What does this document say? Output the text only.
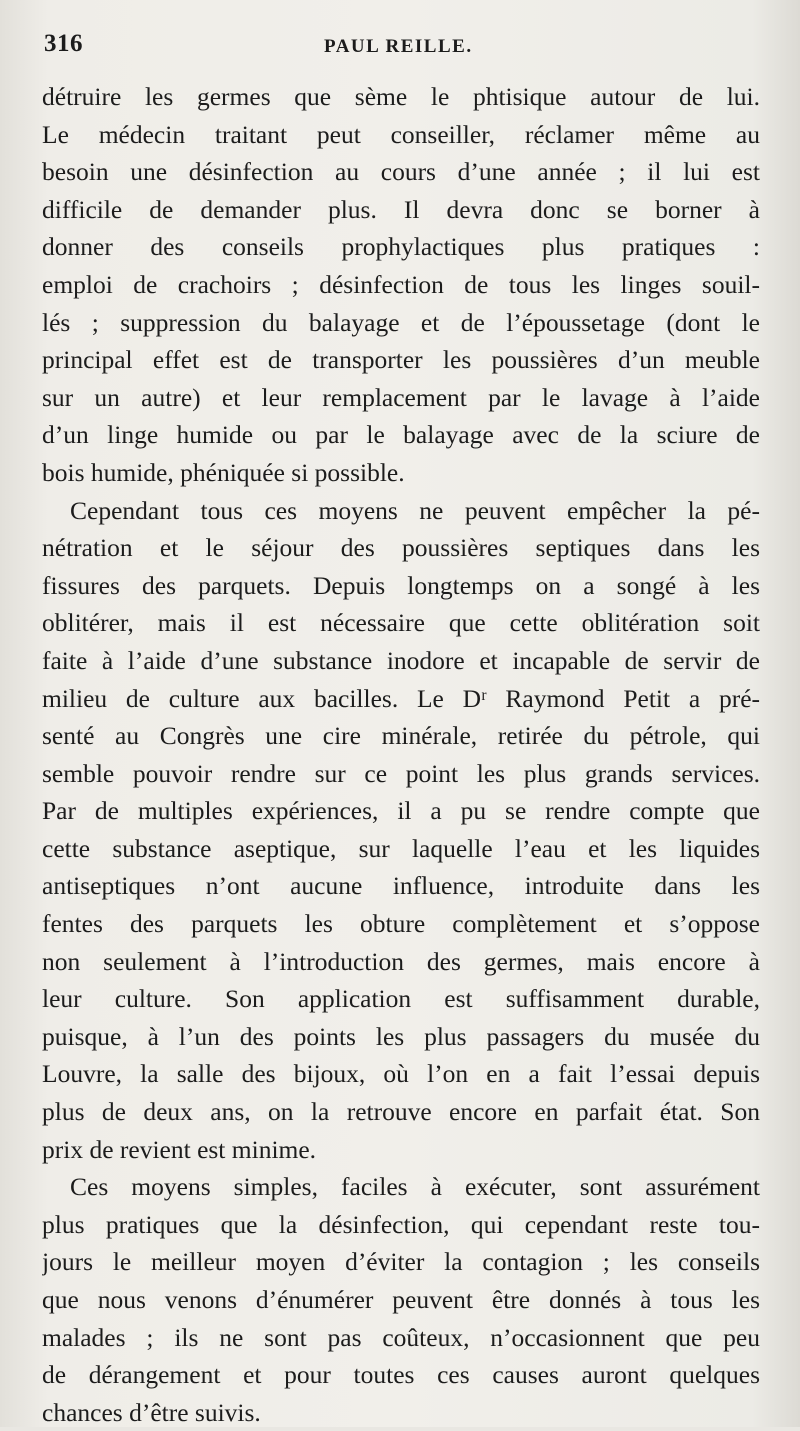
316	PAUL REILLE.
détruire les germes que sème le phtisique autour de lui.
Le médecin traitant peut conseiller, réclamer même au
besoin une désinfection au cours d’une année ; il lui est
difficile de demander plus. Il devra donc se borner à
donner des conseils prophylactiques plus pratiques :
emploi de crachoirs ; désinfection de tous les linges souil-
lés ; suppression du balayage et de l’époussetage (dont le
principal effet est de transporter les poussières d’un meuble
sur un autre) et leur remplacement par le lavage à l’aide
d’un linge humide ou par le balayage avec de la sciure de
bois humide, phéniquée si possible.
Cependant tous ces moyens ne peuvent empêcher la pé-
nétration et le séjour des poussières septiques dans les
fissures des parquets. Depuis longtemps on a songé à les
oblitérer, mais il est nécessaire que cette oblitération soit
faite à l’aide d’une substance inodore et incapable de servir de
milieu de culture aux bacilles. Le Dʳ Raymond Petit a pré-
senté au Congrès une cire minérale, retirée du pétrole, qui
semble pouvoir rendre sur ce point les plus grands services.
Par de multiples expériences, il a pu se rendre compte que
cette substance aseptique, sur laquelle l’eau et les liquides
antiseptiques n’ont aucune influence, introduite dans les
fentes des parquets les obture complètement et s’oppose
non seulement à l’introduction des germes, mais encore à
leur culture. Son application est suffisamment durable,
puisque, à l’un des points les plus passagers du musée du
Louvre, la salle des bijoux, où l’on en a fait l’essai depuis
plus de deux ans, on la retrouve encore en parfait état. Son
prix de revient est minime.
Ces moyens simples, faciles à exécuter, sont assurément
plus pratiques que la désinfection, qui cependant reste tou-
jours le meilleur moyen d’éviter la contagion ; les conseils
que nous venons d’énumérer peuvent être donnés à tous les
malades ; ils ne sont pas coûteux, n’occasionnent que peu
de dérangement et pour toutes ces causes auront quelques
chances d’être suivis.
